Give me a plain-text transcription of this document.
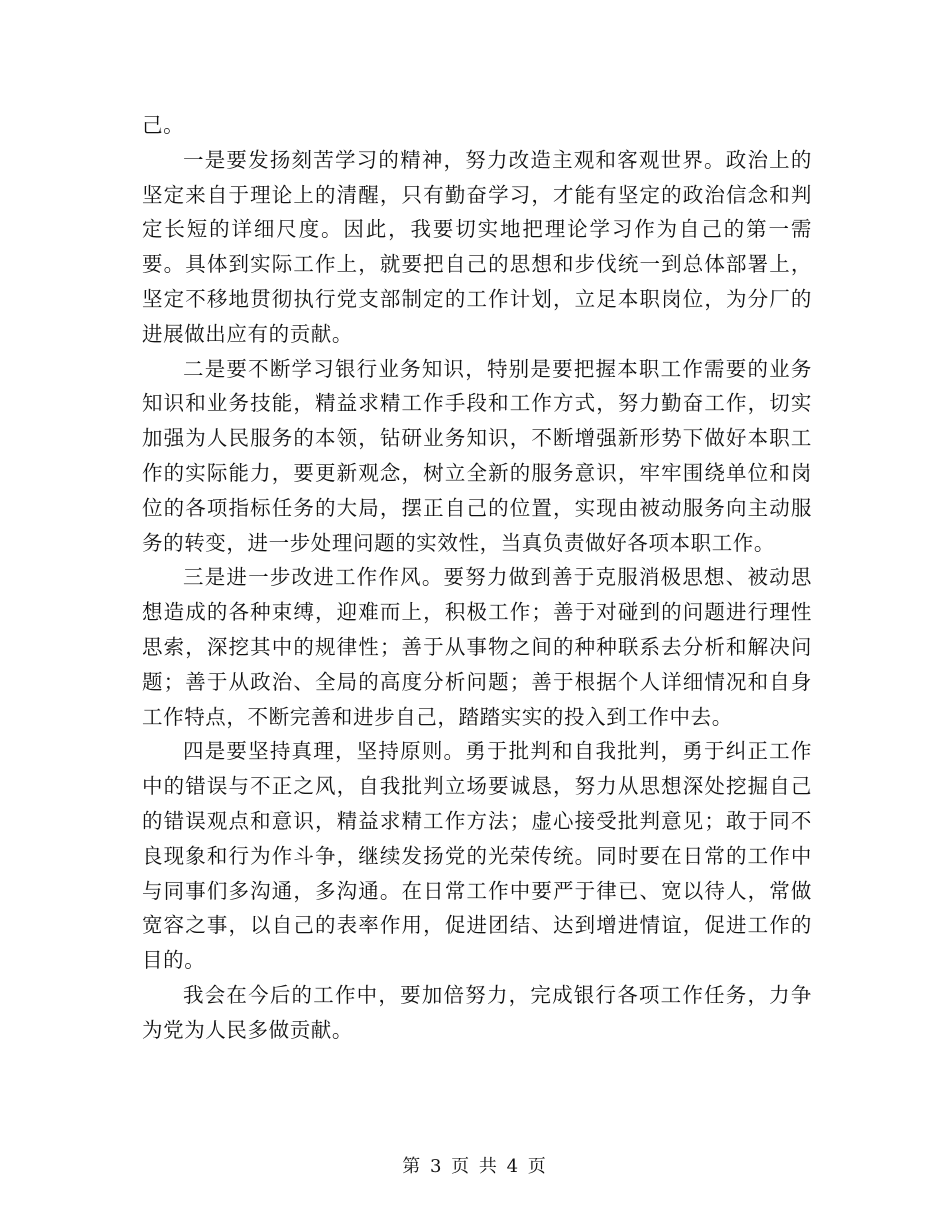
己。

一是要发扬刻苦学习的精神，努力改造主观和客观世界。政治上的坚定来自于理论上的清醒，只有勤奋学习，才能有坚定的政治信念和判定长短的详细尺度。因此，我要切实地把理论学习作为自己的第一需要。具体到实际工作上，就要把自己的思想和步伐统一到总体部署上，坚定不移地贯彻执行党支部制定的工作计划，立足本职岗位，为分厂的进展做出应有的贡献。

二是要不断学习银行业务知识，特别是要把握本职工作需要的业务知识和业务技能，精益求精工作手段和工作方式，努力勤奋工作，切实加强为人民服务的本领，钻研业务知识，不断增强新形势下做好本职工作的实际能力，要更新观念，树立全新的服务意识，牢牢围绕单位和岗位的各项指标任务的大局，摆正自己的位置，实现由被动服务向主动服务的转变，进一步处理问题的实效性，当真负责做好各项本职工作。

三是进一步改进工作作风。要努力做到善于克服消极思想、被动思想造成的各种束缚，迎难而上，积极工作；善于对碰到的问题进行理性思索，深挖其中的规律性；善于从事物之间的种种联系去分析和解决问题；善于从政治、全局的高度分析问题；善于根据个人详细情况和自身工作特点，不断完善和进步自己，踏踏实实的投入到工作中去。

四是要坚持真理，坚持原则。勇于批判和自我批判，勇于纠正工作中的错误与不正之风，自我批判立场要诚恳，努力从思想深处挖掘自己的错误观点和意识，精益求精工作方法；虚心接受批判意见；敢于同不良现象和行为作斗争，继续发扬党的光荣传统。同时要在日常的工作中与同事们多沟通，多沟通。在日常工作中要严于律已、宽以待人，常做宽容之事，以自己的表率作用，促进团结、达到增进情谊，促进工作的目的。

我会在今后的工作中，要加倍努力，完成银行各项工作任务，力争为党为人民多做贡献。

第 3 页 共 4 页
